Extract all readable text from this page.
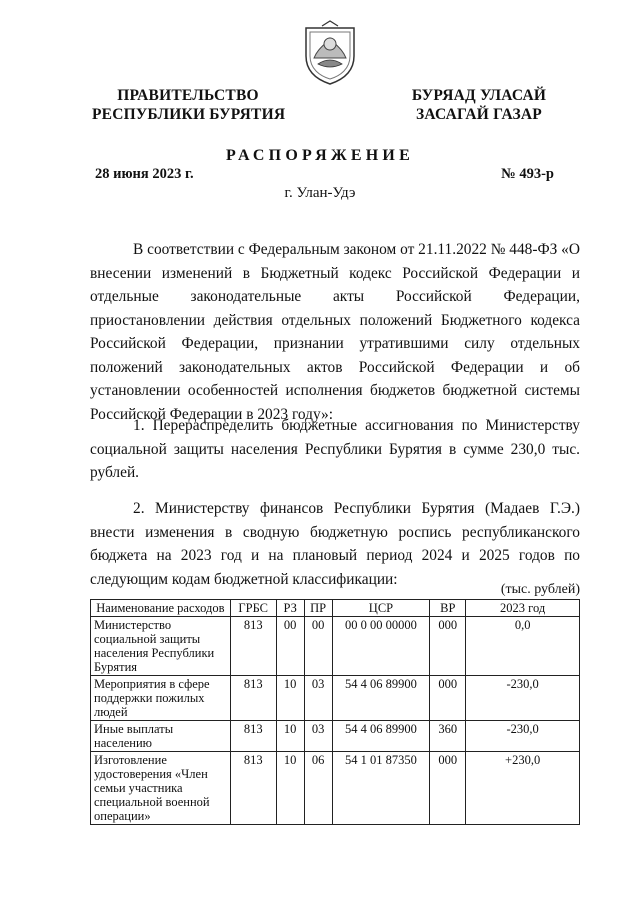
ПРАВИТЕЛЬСТВО
РЕСПУБЛИКИ БУРЯТИЯ
БУРЯАД УЛАСАЙ
ЗАСАГАЙ ГАЗАР
РАСПОРЯЖЕНИЕ
28 июня 2023 г.	№ 493-р
г. Улан-Удэ

В соответствии с Федеральным законом от 21.11.2022 № 448-ФЗ «О внесении изменений в Бюджетный кодекс Российской Федерации и отдельные законодательные акты Российской Федерации, приостановлении действия отдельных положений Бюджетного кодекса Российской Федерации, признании утратившими силу отдельных положений законодательных актов Российской Федерации и об установлении особенностей исполнения бюджетов бюджетной системы Российской Федерации в 2023 году»:

1. Перераспределить бюджетные ассигнования по Министерству социальной защиты населения Республики Бурятия в сумме 230,0 тыс. рублей.

2. Министерству финансов Республики Бурятия (Мадаев Г.Э.) внести изменения в сводную бюджетную роспись республиканского бюджета на 2023 год и на плановый период 2024 и 2025 годов по следующим кодам бюджетной классификации:

(тыс. рублей)
Наименование расходов	ГРБС	РЗ	ПР	ЦСР	ВР	2023 год
Министерство социальной защиты населения Республики Бурятия	813	00	00	00 0 00 00000	000	0,0
Мероприятия в сфере поддержки пожилых людей	813	10	03	54 4 06 89900	000	-230,0
Иные выплаты населению	813	10	03	54 4 06 89900	360	-230,0
Изготовление удостоверения «Член семьи участника специальной военной операции»	813	10	06	54 1 01 87350	000	+230,0
